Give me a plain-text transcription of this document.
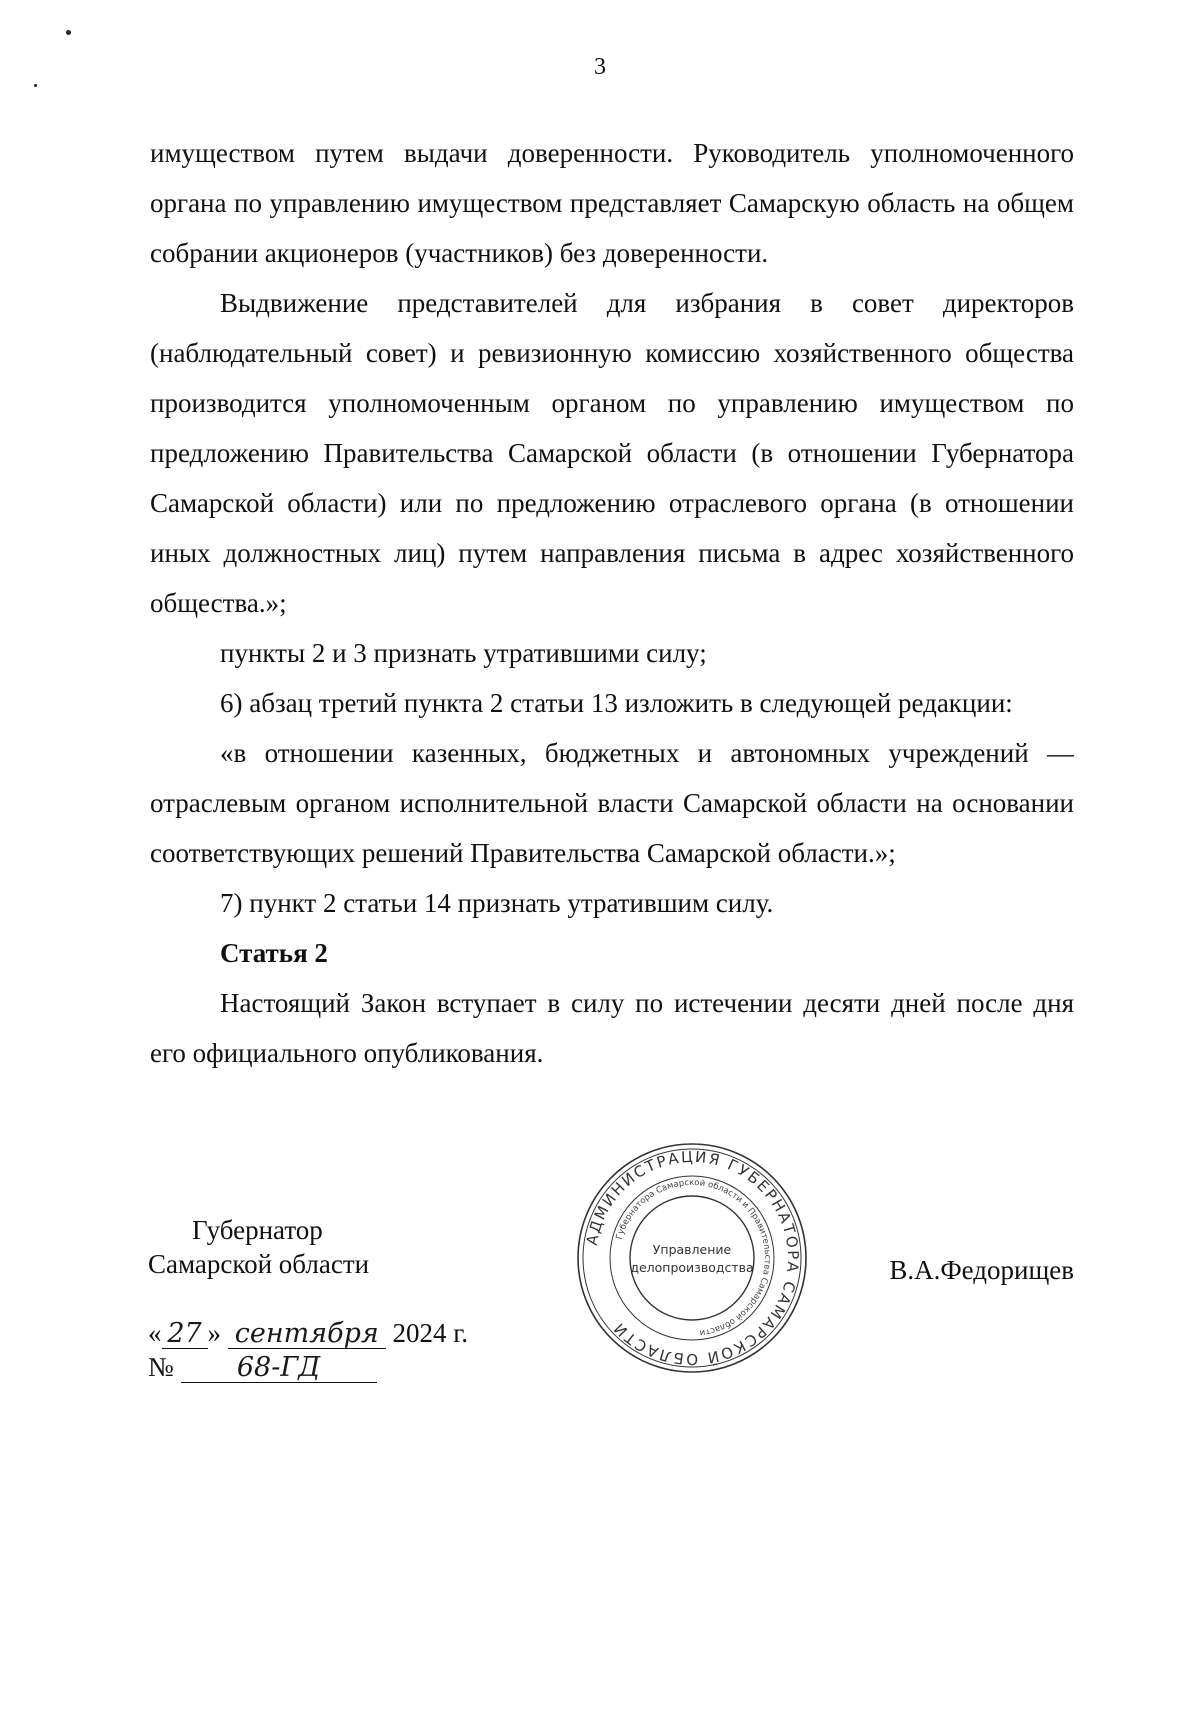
3

имуществом путем выдачи доверенности. Руководитель уполномоченного органа по управлению имуществом представляет Самарскую область на общем собрании акционеров (участников) без доверенности.

Выдвижение представителей для избрания в совет директоров (наблюдательный совет) и ревизионную комиссию хозяйственного общества производится уполномоченным органом по управлению имуществом по предложению Правительства Самарской области (в отношении Губернатора Самарской области) или по предложению отраслевого органа (в отношении иных должностных лиц) путем направления письма в адрес хозяйственного общества.»;

пункты 2 и 3 признать утратившими силу;

6) абзац третий пункта 2 статьи 13 изложить в следующей редакции:

«в отношении казенных, бюджетных и автономных учреждений — отраслевым органом исполнительной власти Самарской области на основании соответствующих решений Правительства Самарской области.»;

7) пункт 2 статьи 14 признать утратившим силу.

Статья 2

Настоящий Закон вступает в силу по истечении десяти дней после дня его официального опубликования.

Губернатор
Самарской области
АДМИНИСТРАЦИЯ ГУБЕРНАТОРА САМАРСКОЙ ОБЛАСТИ
Губернатора Самарской области и Правительства Самарской области
Управление
делопроизводства	В.А.Федорищев
« 27 » сентября 2024 г.
№ 68-ГД
